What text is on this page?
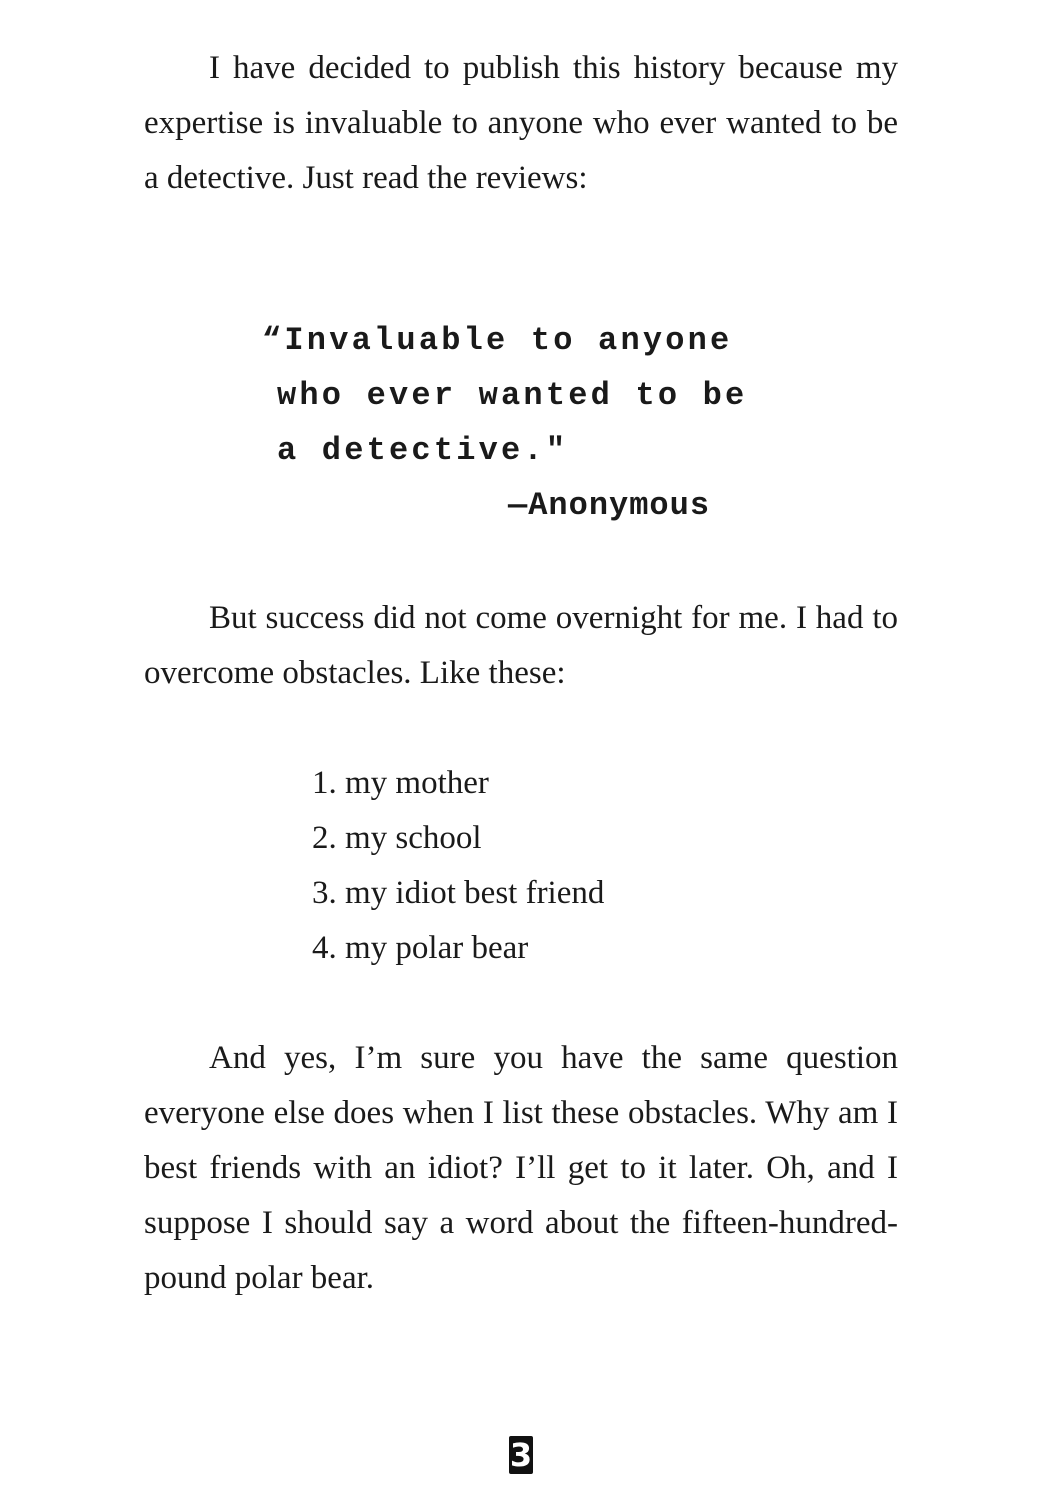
I have decided to publish this history because my expertise is invaluable to anyone who ever wanted to be a detective. Just read the reviews:

“Invaluable to anyone
who ever wanted to be
a detective."
—Anonymous

But success did not come overnight for me. I had to overcome obstacles. Like these:

1. my mother
2. my school
3. my idiot best friend
4. my polar bear

And yes, I’m sure you have the same question everyone else does when I list these obstacles. Why am I best friends with an idiot? I’ll get to it later. Oh, and I suppose I should say a word about the fifteen-hundred-pound polar bear.

3
